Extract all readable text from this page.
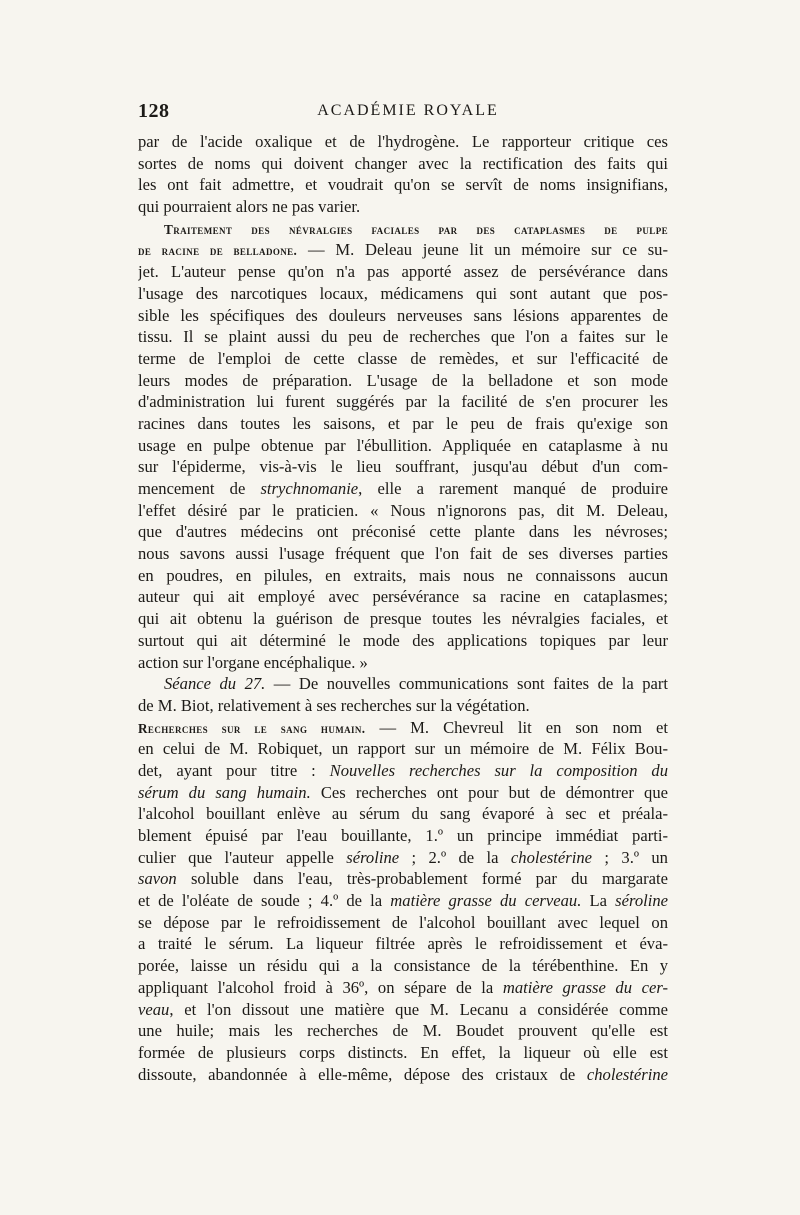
128	ACADÉMIE ROYALE
par de l'acide oxalique et de l'hydrogène. Le rapporteur critique ces
sortes de noms qui doivent changer avec la rectification des faits qui
les ont fait admettre, et voudrait qu'on se servît de noms insignifians,
qui pourraient alors ne pas varier.
Traitement des névralgies faciales par des cataplasmes de pulpe
de racine de belladone. — M. Deleau jeune lit un mémoire sur ce su-
jet. L'auteur pense qu'on n'a pas apporté assez de persévérance dans
l'usage des narcotiques locaux, médicamens qui sont autant que pos-
sible les spécifiques des douleurs nerveuses sans lésions apparentes de
tissu. Il se plaint aussi du peu de recherches que l'on a faites sur le
terme de l'emploi de cette classe de remèdes, et sur l'efficacité de
leurs modes de préparation. L'usage de la belladone et son mode
d'administration lui furent suggérés par la facilité de s'en procurer les
racines dans toutes les saisons, et par le peu de frais qu'exige son
usage en pulpe obtenue par l'ébullition. Appliquée en cataplasme à nu
sur l'épiderme, vis-à-vis le lieu souffrant, jusqu'au début d'un com-
mencement de strychnomanie, elle a rarement manqué de produire
l'effet désiré par le praticien. « Nous n'ignorons pas, dit M. Deleau,
que d'autres médecins ont préconisé cette plante dans les névroses;
nous savons aussi l'usage fréquent que l'on fait de ses diverses parties
en poudres, en pilules, en extraits, mais nous ne connaissons aucun
auteur qui ait employé avec persévérance sa racine en cataplasmes;
qui ait obtenu la guérison de presque toutes les névralgies faciales, et
surtout qui ait déterminé le mode des applications topiques par leur
action sur l'organe encéphalique. »
Séance du 27. — De nouvelles communications sont faites de la part
de M. Biot, relativement à ses recherches sur la végétation.
Recherches sur le sang humain. — M. Chevreul lit en son nom et
en celui de M. Robiquet, un rapport sur un mémoire de M. Félix Bou-
det, ayant pour titre : Nouvelles recherches sur la composition du
sérum du sang humain. Ces recherches ont pour but de démontrer que
l'alcohol bouillant enlève au sérum du sang évaporé à sec et préala-
blement épuisé par l'eau bouillante, 1.º un principe immédiat parti-
culier que l'auteur appelle séroline ; 2.º de la cholestérine ; 3.º un
savon soluble dans l'eau, très-probablement formé par du margarate
et de l'oléate de soude ; 4.º de la matière grasse du cerveau. La séroline
se dépose par le refroidissement de l'alcohol bouillant avec lequel on
a traité le sérum. La liqueur filtrée après le refroidissement et éva-
porée, laisse un résidu qui a la consistance de la térébenthine. En y
appliquant l'alcohol froid à 36º, on sépare de la matière grasse du cer-
veau, et l'on dissout une matière que M. Lecanu a considérée comme
une huile; mais les recherches de M. Boudet prouvent qu'elle est
formée de plusieurs corps distincts. En effet, la liqueur où elle est
dissoute, abandonnée à elle-même, dépose des cristaux de cholestérine
